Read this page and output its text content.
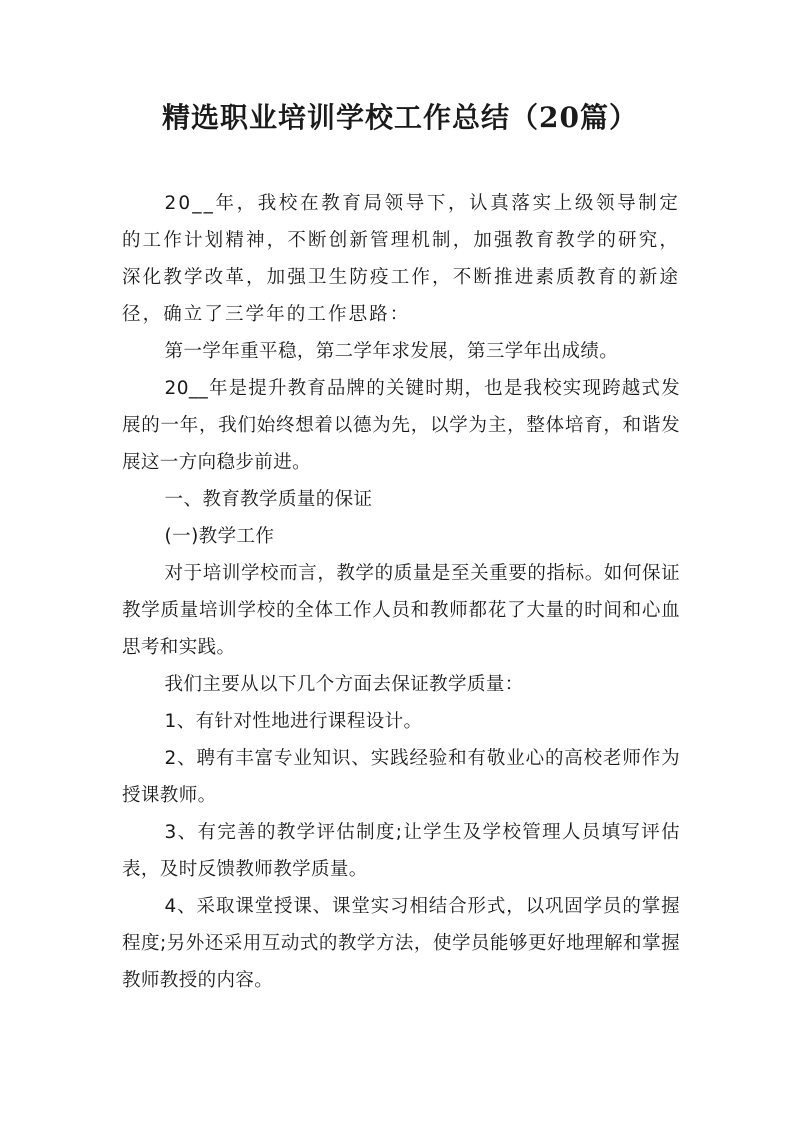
精选职业培训学校工作总结（20篇）

20__年，我校在教育局领导下，认真落实上级领导制定的工作计划精神，不断创新管理机制，加强教育教学的研究，深化教学改革，加强卫生防疫工作，不断推进素质教育的新途径，确立了三学年的工作思路：

第一学年重平稳，第二学年求发展，第三学年出成绩。

20__年是提升教育品牌的关键时期，也是我校实现跨越式发展的一年，我们始终想着以德为先，以学为主，整体培育，和谐发展这一方向稳步前进。

一、教育教学质量的保证

(一)教学工作

对于培训学校而言，教学的质量是至关重要的指标。如何保证教学质量培训学校的全体工作人员和教师都花了大量的时间和心血思考和实践。

我们主要从以下几个方面去保证教学质量：

1、有针对性地进行课程设计。

2、聘有丰富专业知识、实践经验和有敬业心的高校老师作为授课教师。

3、有完善的教学评估制度;让学生及学校管理人员填写评估表，及时反馈教师教学质量。

4、采取课堂授课、课堂实习相结合形式，以巩固学员的掌握程度;另外还采用互动式的教学方法，使学员能够更好地理解和掌握教师教授的内容。
